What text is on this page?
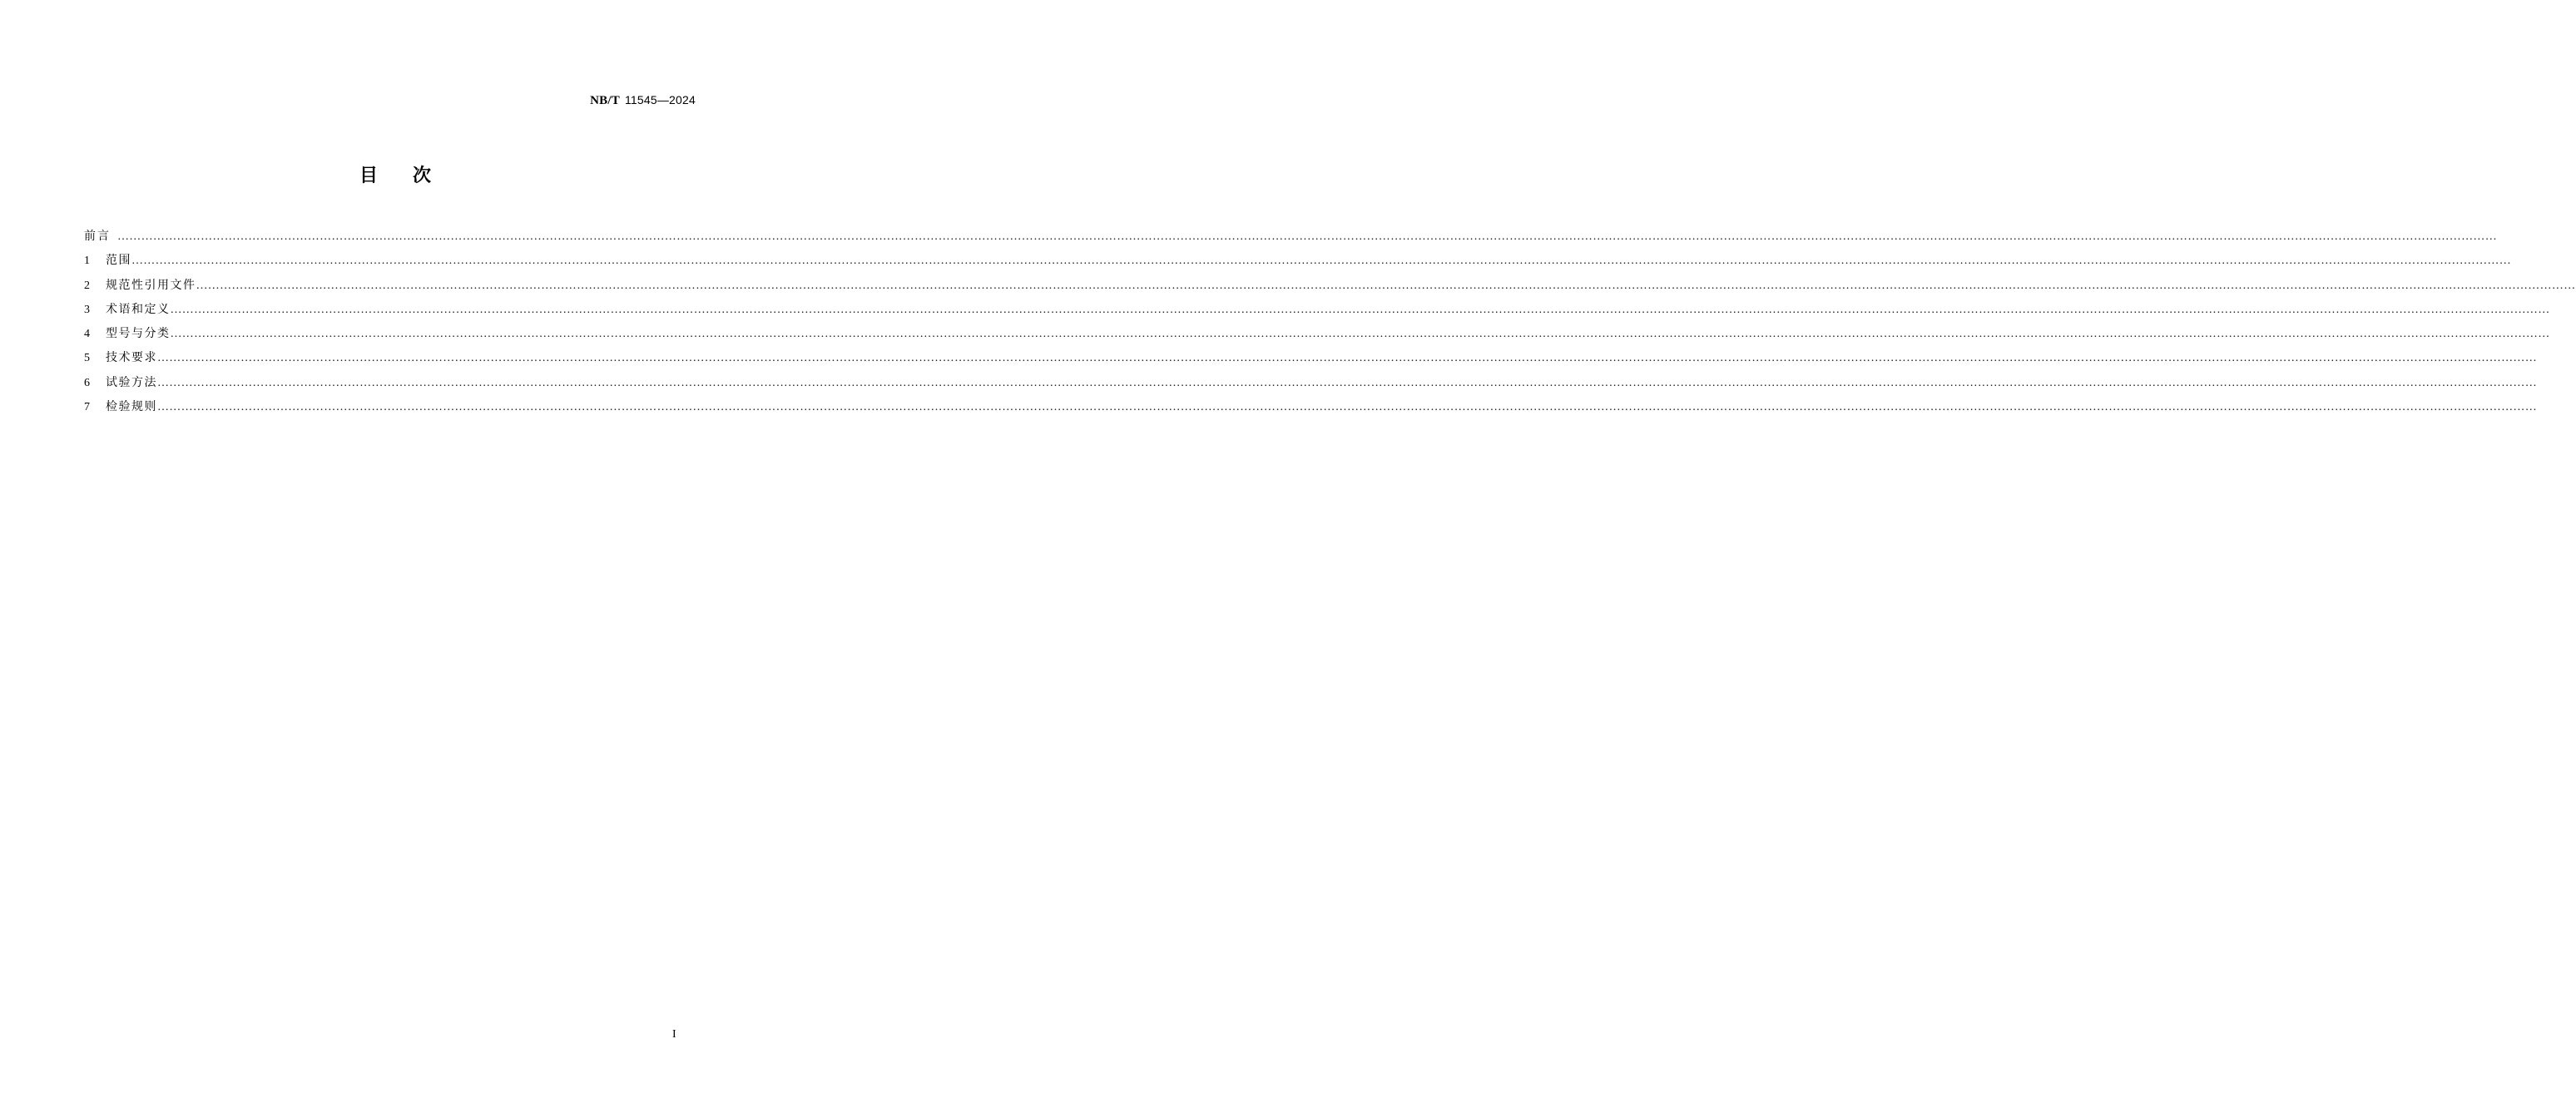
NB/T 11545—2024
目次
前言 ……………………………………………………………………………………………………………………………………………………………………………………………………………………………………………………………………………………………………………………………………………………………………………………………………………………………………………………………………………………………………………………………………………………
1	范围 ……………………………………………………………………………………………………………………………………………………………………………………………………………………………………………………………………………………………………………………………………………………………………………………………………………………………………………………………………………………………………………………………………………………
2	规范性引用文件 ……………………………………………………………………………………………………………………………………………………………………………………………………………………………………………………………………………………………………………………………………………………………………………………………………………………………………………………………………………………………………………………………………………………
3	术语和定义 ……………………………………………………………………………………………………………………………………………………………………………………………………………………………………………………………………………………………………………………………………………………………………………………………………………………………………………………………………………………………………………………………………………………
4	型号与分类 ……………………………………………………………………………………………………………………………………………………………………………………………………………………………………………………………………………………………………………………………………………………………………………………………………………………………………………………………………………………………………………………………………………………
5	技术要求 ……………………………………………………………………………………………………………………………………………………………………………………………………………………………………………………………………………………………………………………………………………………………………………………………………………………………………………………………………………………………………………………………………………………
6	试验方法 ……………………………………………………………………………………………………………………………………………………………………………………………………………………………………………………………………………………………………………………………………………………………………………………………………………………………………………………………………………………………………………………………………………………
7	检验规则 ……………………………………………………………………………………………………………………………………………………………………………………………………………………………………………………………………………………………………………………………………………………………………………………………………………………………………………………………………………………………………………………………………………………
I
